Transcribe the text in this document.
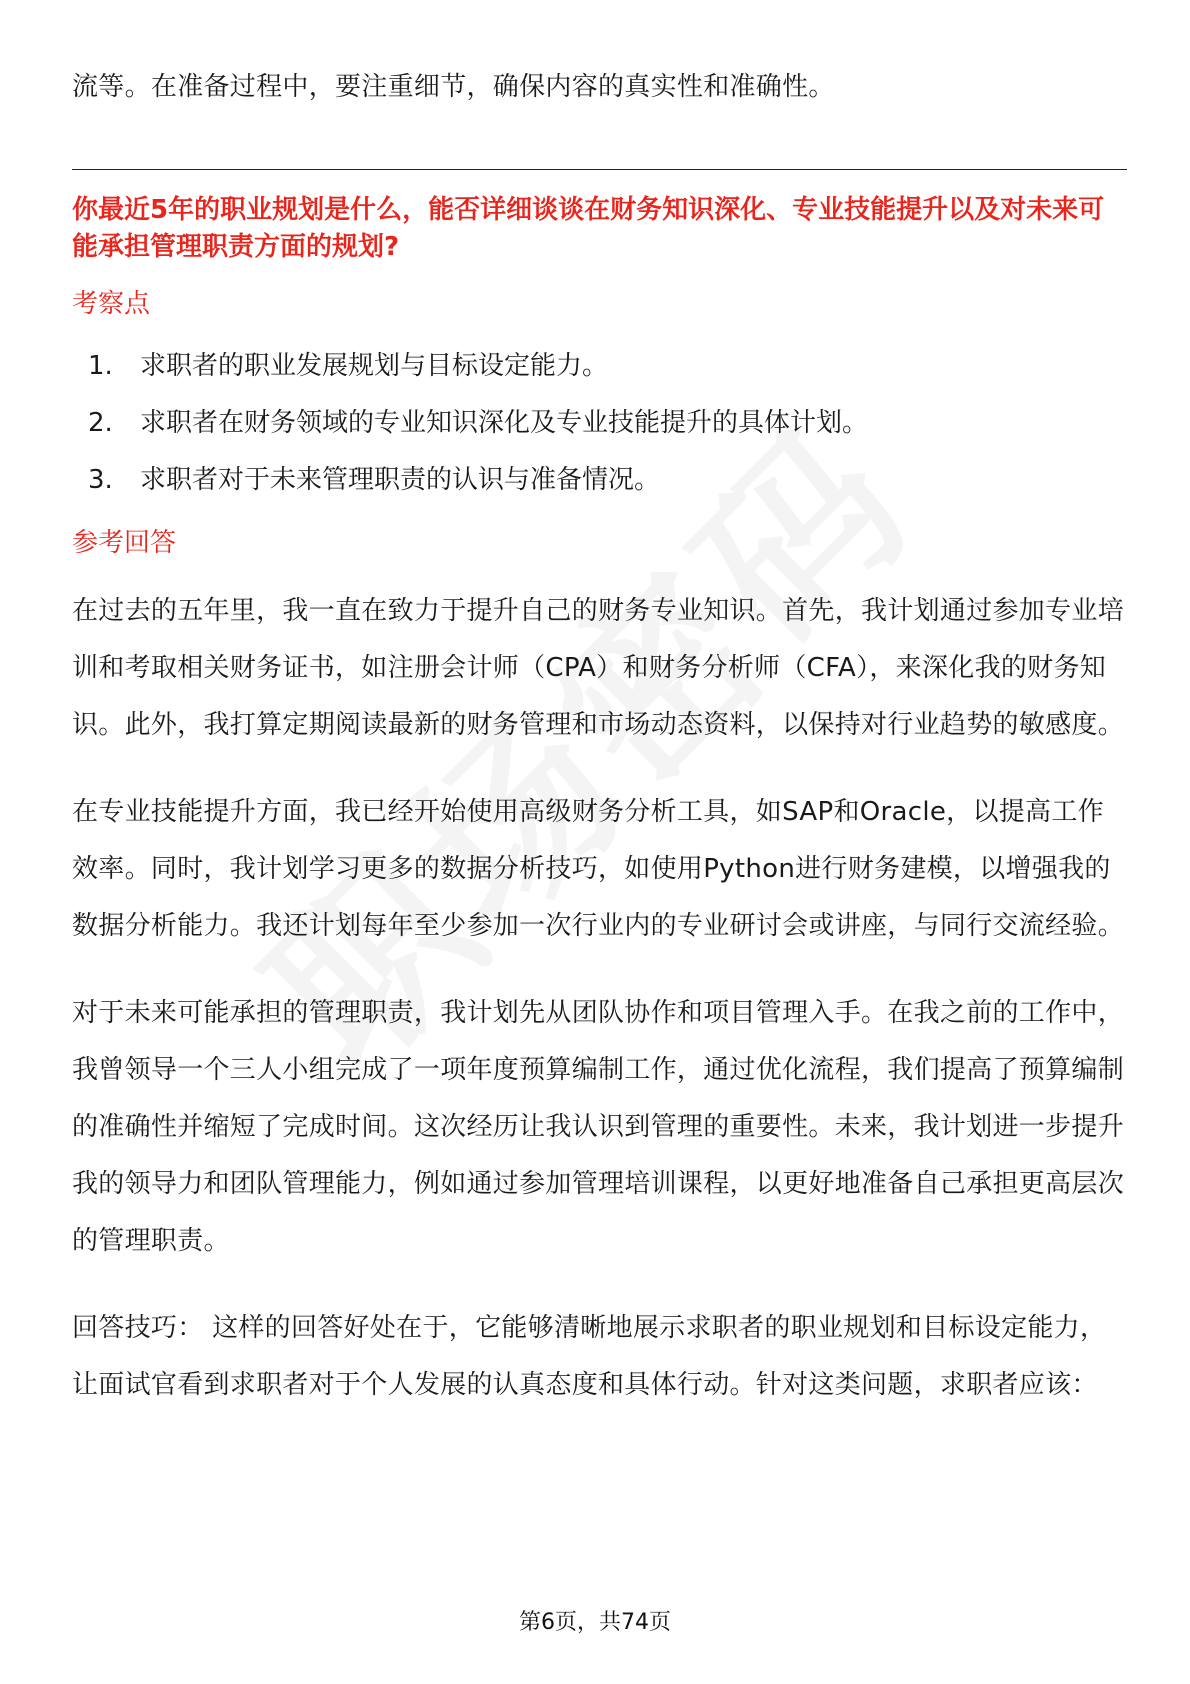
流等。在准备过程中，要注重细节，确保内容的真实性和准确性。

你最近5年的职业规划是什么，能否详细谈谈在财务知识深化、专业技能提升以及对未来可能承担管理职责方面的规划?

考察点

1.	求职者的职业发展规划与目标设定能力。
2.	求职者在财务领域的专业知识深化及专业技能提升的具体计划。
3.	求职者对于未来管理职责的认识与准备情况。

参考回答

在过去的五年里，我一直在致力于提升自己的财务专业知识。首先，我计划通过参加专业培训和考取相关财务证书，如注册会计师（CPA）和财务分析师（CFA），来深化我的财务知识。此外，我打算定期阅读最新的财务管理和市场动态资料，以保持对行业趋势的敏感度。

在专业技能提升方面，我已经开始使用高级财务分析工具，如SAP和Oracle，以提高工作效率。同时，我计划学习更多的数据分析技巧，如使用Python进行财务建模，以增强我的数据分析能力。我还计划每年至少参加一次行业内的专业研讨会或讲座，与同行交流经验。

对于未来可能承担的管理职责，我计划先从团队协作和项目管理入手。在我之前的工作中，我曾领导一个三人小组完成了一项年度预算编制工作，通过优化流程，我们提高了预算编制的准确性并缩短了完成时间。这次经历让我认识到管理的重要性。未来，我计划进一步提升我的领导力和团队管理能力，例如通过参加管理培训课程，以更好地准备自己承担更高层次的管理职责。

回答技巧： 这样的回答好处在于，它能够清晰地展示求职者的职业规划和目标设定能力，让面试官看到求职者对于个人发展的认真态度和具体行动。针对这类问题，求职者应该：

第6页，共74页
